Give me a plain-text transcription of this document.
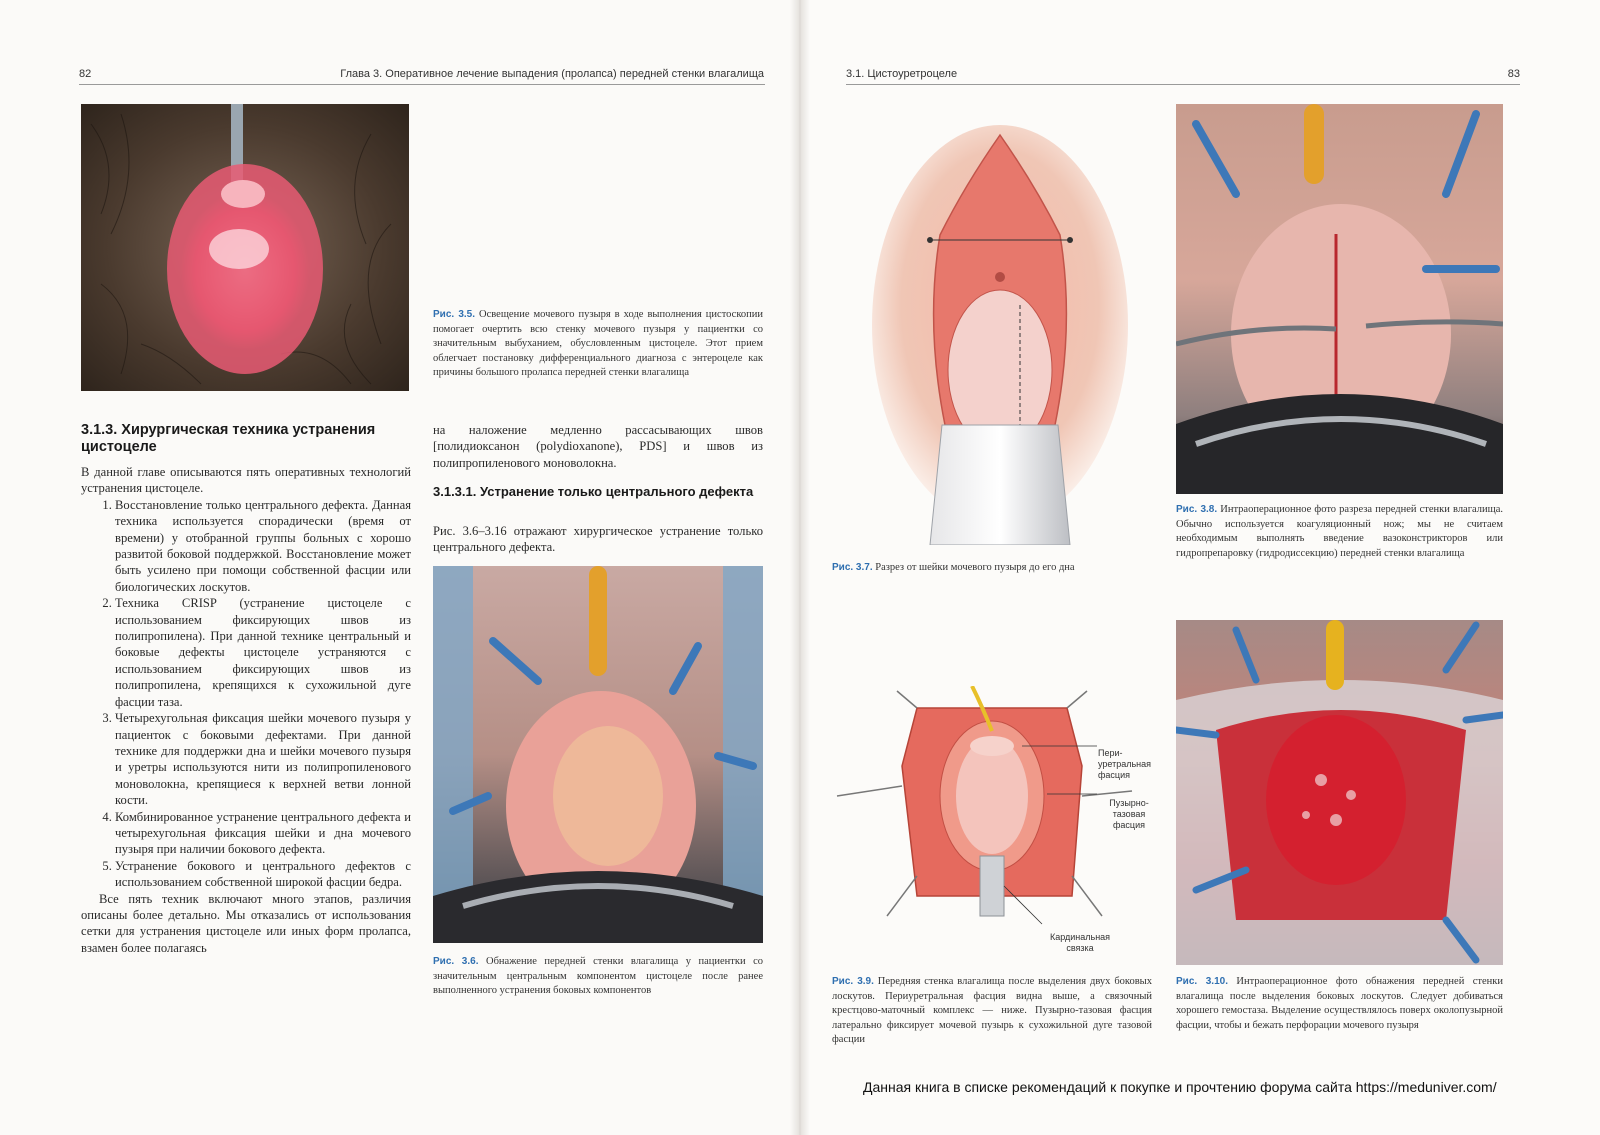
82	Глава 3. Оперативное лечение выпадения (пролапса) передней стенки влагалища
Рис. 3.5. Освещение мочевого пузыря в ходе выполнения цистоскопии помогает очертить всю стенку мочевого пузыря у пациентки со значительным выбуханием, обусловленным цистоцеле. Этот прием облегчает постановку дифференциального диагноза с энтероцеле как причины большого пролапса передней стенки влагалища
3.1.3. Хирургическая техника устранения цистоцеле
В данной главе описываются пять оперативных технологий устранения цистоцеле.
1. Восстановление только центрального дефекта. Данная техника используется спорадически (время от времени) у отобранной группы больных с хорошо развитой боковой поддержкой. Восстановление может быть усилено при помощи собственной фасции или биологических лоскутов.
2. Техника CRISP (устранение цистоцеле с использованием фиксирующих швов из полипропилена). При данной технике центральный и боковые дефекты цистоцеле устраняются с использованием фиксирующих швов из полипропилена, крепящихся к сухожильной дуге фасции таза.
3. Четырехугольная фиксация шейки мочевого пузыря у пациенток с боковыми дефектами. При данной технике для поддержки дна и шейки мочевого пузыря и уретры используются нити из полипропиленового моноволокна, крепящиеся к верхней ветви лонной кости.
4. Комбинированное устранение центрального дефекта и четырехугольная фиксация шейки и дна мочевого пузыря при наличии бокового дефекта.
5. Устранение бокового и центрального дефектов с использованием собственной широкой фасции бедра.
Все пять техник включают много этапов, различия описаны более детально. Мы отказались от использования сетки для устранения цистоцеле или иных форм пролапса, взамен более полагаясь
на наложение медленно рассасывающих швов [полидиоксанон (polydioxanone), PDS] и швов из полипропиленового моноволокна.
3.1.3.1. Устранение только центрального дефекта
Рис. 3.6–3.16 отражают хирургическое устранение только центрального дефекта.
Рис. 3.6. Обнажение передней стенки влагалища у пациентки со значительным центральным компонентом цистоцеле после ранее выполненного устранения боковых компонентов
3.1. Цистоуретроцеле	83
Рис. 3.7. Разрез от шейки мочевого пузыря до его дна
Рис. 3.8. Интраоперационное фото разреза передней стенки влагалища. Обычно используется коагуляционный нож; мы не считаем необходимым выполнять введение вазоконстрикторов или гидропрепаровку (гидродиссекцию) передней стенки влагалища
Пери-
уретральная
фасция
Пузырно-
тазовая
фасция
Кардинальная
связка
Рис. 3.9. Передняя стенка влагалища после выделения двух боковых лоскутов. Периуретральная фасция видна выше, а связочный крестцово-маточный комплекс — ниже. Пузырно-тазовая фасция латерально фиксирует мочевой пузырь к сухожильной дуге тазовой фасции
Рис. 3.10. Интраоперационное фото обнажения передней стенки влагалища после выделения боковых лоскутов. Следует добиваться хорошего гемостаза. Выделение осуществлялось поверх околопузырной фасции, чтобы и бежать перфорации мочевого пузыря
Данная книга в списке рекомендаций к покупке и прочтению форума сайта https://meduniver.com/
